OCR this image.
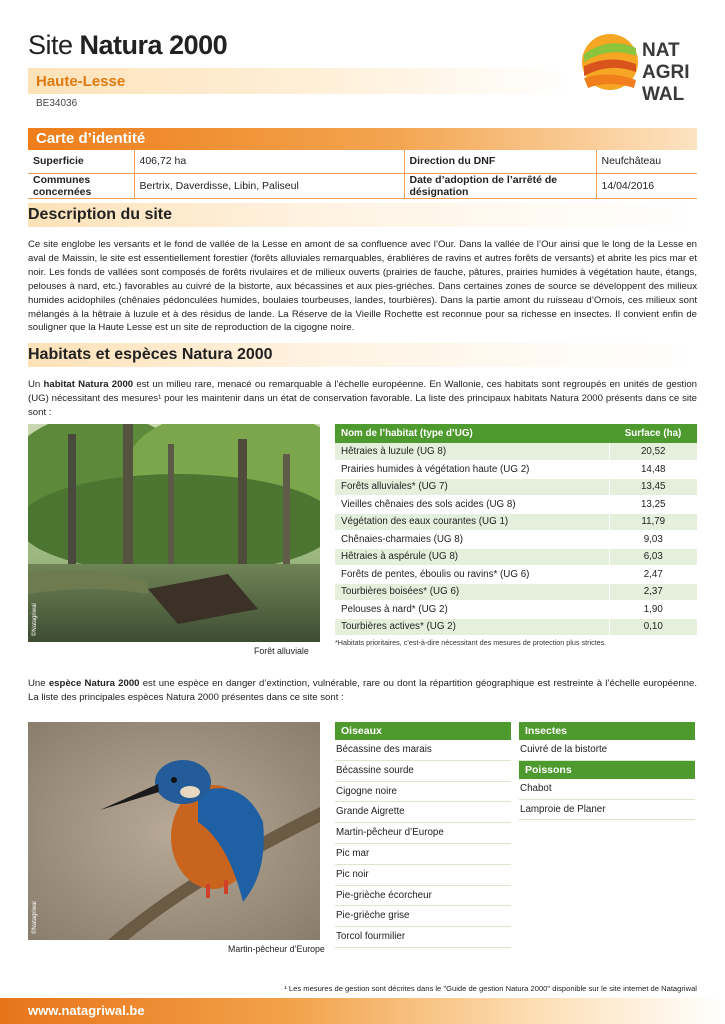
Site Natura 2000
Haute-Lesse
BE34036
NAT
AGRI
WAL
Carte d’identité
Superficie	406,72 ha	Direction du DNF	Neufchâteau
Communes concernées	Bertrix, Daverdisse, Libin, Paliseul	Date d’adoption de l’arrêté de désignation	14/04/2016
Description du site
Ce site englobe les versants et le fond de vallée de la Lesse en amont de sa confluence avec l’Our. Dans la vallée de l’Our ainsi que le long de la Lesse en aval de Maissin, le site est essentiellement forestier (forêts alluviales remarquables, érablières de ravins et autres forêts de versants) et abrite les pics mar et noir. Les fonds de vallées sont composés de forêts rivulaires et de milieux ouverts (prairies de fauche, pâtures, prairies humides à végétation haute, étangs, pelouses à nard, etc.) favorables au cuivré de la bistorte, aux bécassines et aux pies-grièches. Dans certaines zones de source se développent des milieux humides acidophiles (chênaies pédonculées humides, boulaies tourbeuses, landes, tourbières). Dans la partie amont du ruisseau d’Ornois, ces milieux sont mélangés à la hêtraie à luzule et à des résidus de lande. La Réserve de la Vieille Rochette est reconnue pour sa richesse en insectes. Il convient enfin de souligner que la Haute Lesse est un site de reproduction de la cigogne noire.
Habitats et espèces Natura 2000
Un habitat Natura 2000 est un milieu rare, menacé ou remarquable à l’échelle européenne. En Wallonie, ces habitats sont regroupés en unités de gestion (UG) nécessitant des mesures¹ pour les maintenir dans un état de conservation favorable. La liste des principaux habitats Natura 2000 présents dans ce site sont :
©Natagriwal
Forêt alluviale
Nom de l’habitat (type d’UG)	Surface (ha)
Hêtraies à luzule (UG 8)	20,52
Prairies humides à végétation haute (UG 2)	14,48
Forêts alluviales* (UG 7)	13,45
Vieilles chênaies des sols acides (UG 8)	13,25
Végétation des eaux courantes (UG 1)	11,79
Chênaies-charmaies (UG 8)	9,03
Hêtraies à aspérule (UG 8)	6,03
Forêts de pentes, éboulis ou ravins* (UG 6)	2,47
Tourbières boisées* (UG 6)	2,37
Pelouses à nard* (UG 2)	1,90
Tourbières actives* (UG 2)	0,10
*Habitats prioritaires, c’est-à-dire nécessitant des mesures de protection plus strictes.
Une espèce Natura 2000 est une espèce en danger d’extinction, vulnérable, rare ou dont la répartition géographique est restreinte à l’échelle européenne. La liste des principales espèces Natura 2000 présentes dans ce site sont :
©Natagriwal
Martin-pêcheur d’Europe
Oiseaux
Bécassine des marais
Bécassine sourde
Cigogne noire
Grande Aigrette
Martin-pêcheur d’Europe
Pic mar
Pic noir
Pie-grièche écorcheur
Pie-grièche grise
Torcol fourmilier
Insectes
Cuivré de la bistorte
Poissons
Chabot
Lamproie de Planer
¹ Les mesures de gestion sont décrites dans le "Guide de gestion Natura 2000" disponible sur le site internet de Natagriwal
www.natagriwal.be
